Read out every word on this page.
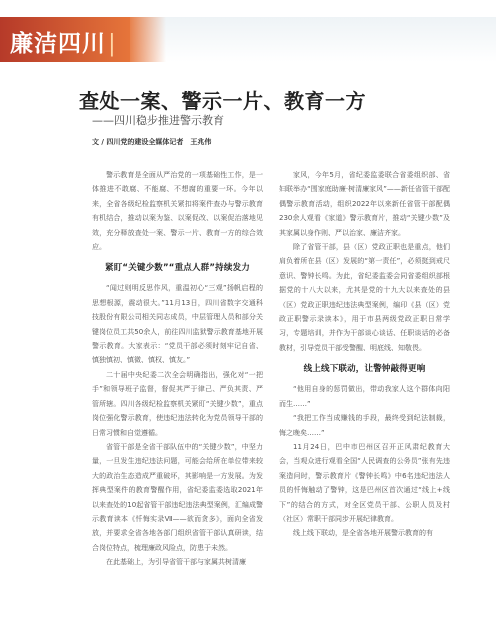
廉洁四川|
查处一案、警示一片、教育一方
——四川稳步推进警示教育
文 / 四川党的建设全媒体记者　王兆伟

警示教育是全面从严治党的一项基础性工作，是一体推进不敢腐、不能腐、不想腐的重要一环。今年以来，全省各级纪检监察机关紧扣将案件查办与警示教育有机结合，推动以案为鉴、以案促改、以案促治落地见效，充分释放查处一案、警示一片、教育一方的综合效应。

紧盯“关键少数”“重点人群”持续发力

“闻过则明反思作风，重温初心“三观”扬帆启程的思想根源，震动很大。”11月13日，四川省数字交通科技股份有限公司相关同志成员，中层管理人员和部分关键岗位员工共50余人，前往四川监狱警示教育基地开展警示教育。大家表示：“党员干部必须时刻牢记自省、慎独慎初、慎微、慎权、慎友。”

二十届中央纪委二次全会明确指出，强化对“一把手”和领导班子监督，督促其严于律己、严负其责、严管所辖。四川各级纪检监察机关紧盯“关键少数”，重点岗位强化警示教育，使违纪违法转化为党员领导干部的日常习惯和自觉遵循。

省管干部是全省干部队伍中的“关键少数”，中坚力量，一旦发生违纪违法问题，可能会给所在单位带来较大的政治生态造成严重破坏，其影响是一方发展。为发挥典型案件的教育警醒作用，省纪委监委选取2021年以来查处的10起省管干部违纪违法典型案例，汇编成警示教育读本《忏悔实录Ⅶ——欲而贪多》，面向全省发放，并要求全省各地各部门组织省管干部认真研读，结合岗位特点，梳理廉政风险点，防患于未然。

在此基础上，为引导省管干部与家属共树清廉

家风，今年5月，省纪委监委联合省委组织部、省妇联举办“围家庭助廉·树清廉家风”——新任省管干部配偶警示教育活动，组织2022年以来新任省管干部配偶230余人观看《家道》警示教育片，推动“关键少数”及其家属以身作则、严以治家、廉洁齐家。

除了省管干部，县（区）党政正职也是重点，他们肩负着所在县（区）发展的“第一责任”，必须挺到戒尺意识、警钟长鸣。为此，省纪委监委会同省委组织部根据党的十八大以来，尤其是党的十九大以来查处的县（区）党政正职违纪违法典型案例，编印《县（区）党政正职警示录读本》，用于市县两级党政正职日常学习，专题培训，并作为干部谈心谈话、任职谈话的必备教材，引导党员干部受警醒、明底线、知敬畏。

线上线下联动，让警钟敲得更响

“他用自身的惩罚做出，带动我家人这个群体向阳而生……”

“我把工作当成赚钱的手段，最终受到纪法制裁，悔之晚矣……”

11月24日，巴中市巴州区召开正风肃纪教育大会，当观众进行观看全国“人民调查的公务员”张有先违案造问时，警示教育片《警钟长鸣》中6名违纪违法人员的忏悔触动了警钟，这是巴州区首次通过“线上+线下”的结合的方式，对全区党员干部、公职人员及村（社区）常职干部同步开展纪律教育。

线上线下联动，是全省各地开展警示教育的有
